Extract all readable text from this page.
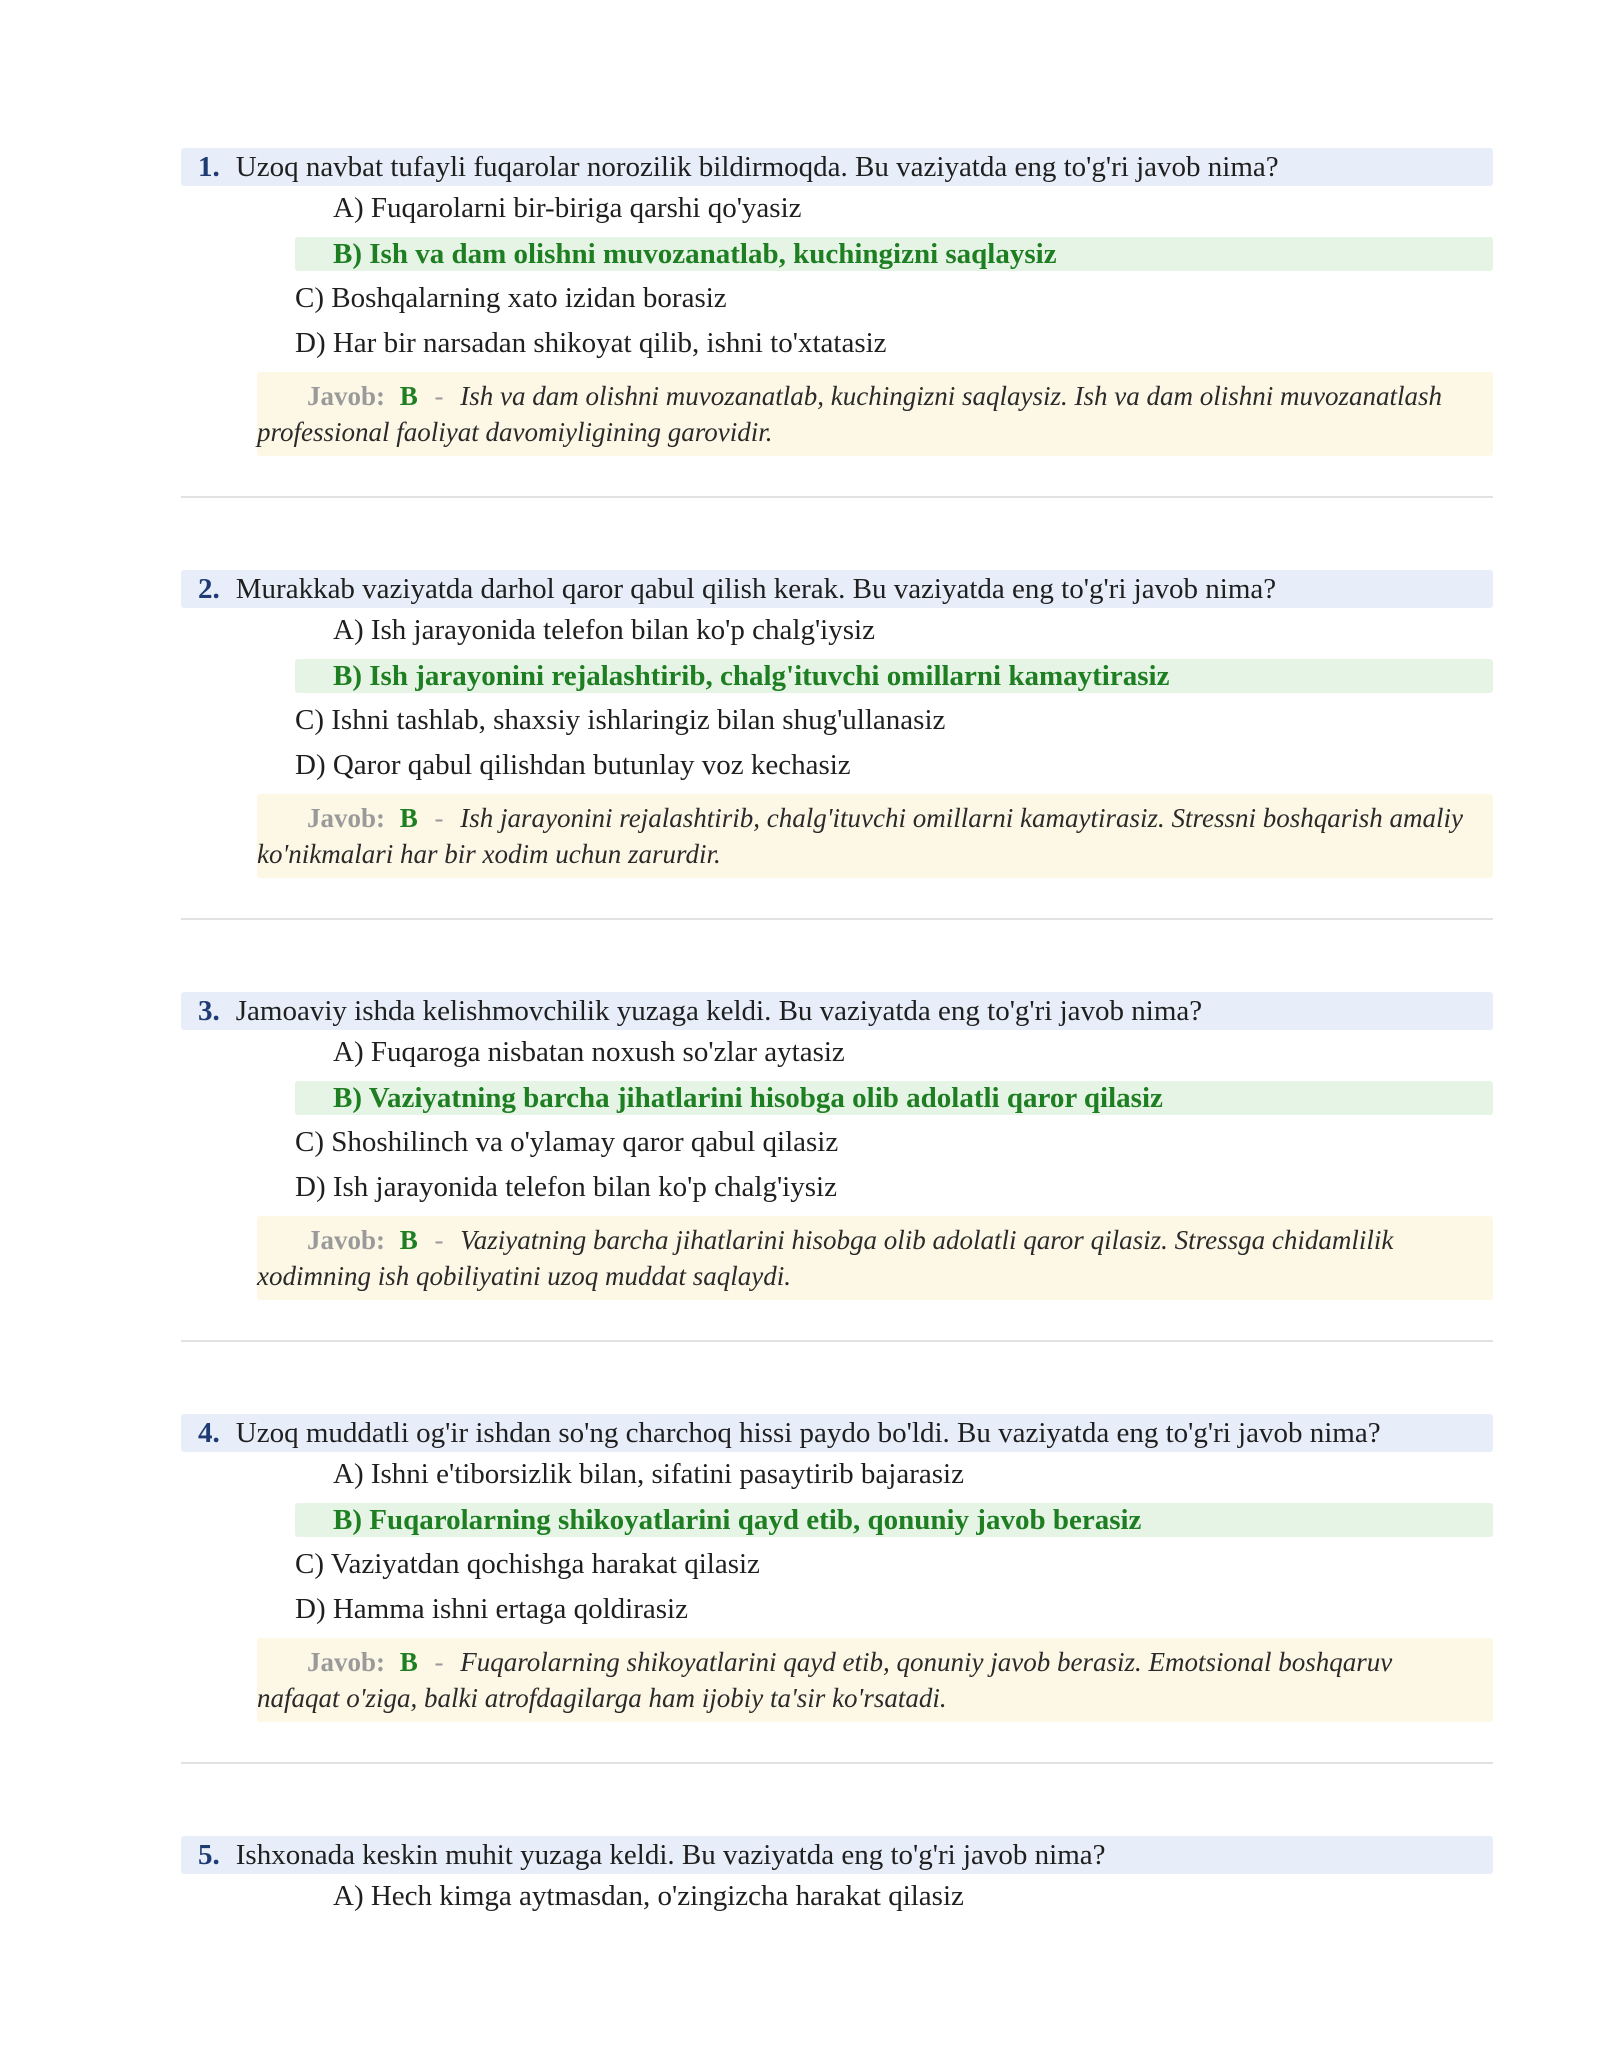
1. Uzoq navbat tufayli fuqarolar norozilik bildirmoqda. Bu vaziyatda eng to'g'ri javob nima?
A) Fuqarolarni bir-biriga qarshi qo'yasiz
B) Ish va dam olishni muvozanatlab, kuchingizni saqlaysiz
C) Boshqalarning xato izidan borasiz
D) Har bir narsadan shikoyat qilib, ishni to'xtatasiz
Javob: B - Ish va dam olishni muvozanatlab, kuchingizni saqlaysiz. Ish va dam olishni muvozanatlash professional faoliyat davomiyligining garovidir.
2. Murakkab vaziyatda darhol qaror qabul qilish kerak. Bu vaziyatda eng to'g'ri javob nima?
A) Ish jarayonida telefon bilan ko'p chalg'iysiz
B) Ish jarayonini rejalashtirib, chalg'ituvchi omillarni kamaytirasiz
C) Ishni tashlab, shaxsiy ishlaringiz bilan shug'ullanasiz
D) Qaror qabul qilishdan butunlay voz kechasiz
Javob: B - Ish jarayonini rejalashtirib, chalg'ituvchi omillarni kamaytirasiz. Stressni boshqarish amaliy ko'nikmalari har bir xodim uchun zarurdir.
3. Jamoaviy ishda kelishmovchilik yuzaga keldi. Bu vaziyatda eng to'g'ri javob nima?
A) Fuqaroga nisbatan noxush so'zlar aytasiz
B) Vaziyatning barcha jihatlarini hisobga olib adolatli qaror qilasiz
C) Shoshilinch va o'ylamay qaror qabul qilasiz
D) Ish jarayonida telefon bilan ko'p chalg'iysiz
Javob: B - Vaziyatning barcha jihatlarini hisobga olib adolatli qaror qilasiz. Stressga chidamlilik xodimning ish qobiliyatini uzoq muddat saqlaydi.
4. Uzoq muddatli og'ir ishdan so'ng charchoq hissi paydo bo'ldi. Bu vaziyatda eng to'g'ri javob nima?
A) Ishni e'tiborsizlik bilan, sifatini pasaytirib bajarasiz
B) Fuqarolarning shikoyatlarini qayd etib, qonuniy javob berasiz
C) Vaziyatdan qochishga harakat qilasiz
D) Hamma ishni ertaga qoldirasiz
Javob: B - Fuqarolarning shikoyatlarini qayd etib, qonuniy javob berasiz. Emotsional boshqaruv nafaqat o'ziga, balki atrofdagilarga ham ijobiy ta'sir ko'rsatadi.
5. Ishxonada keskin muhit yuzaga keldi. Bu vaziyatda eng to'g'ri javob nima?
A) Hech kimga aytmasdan, o'zingizcha harakat qilasiz
